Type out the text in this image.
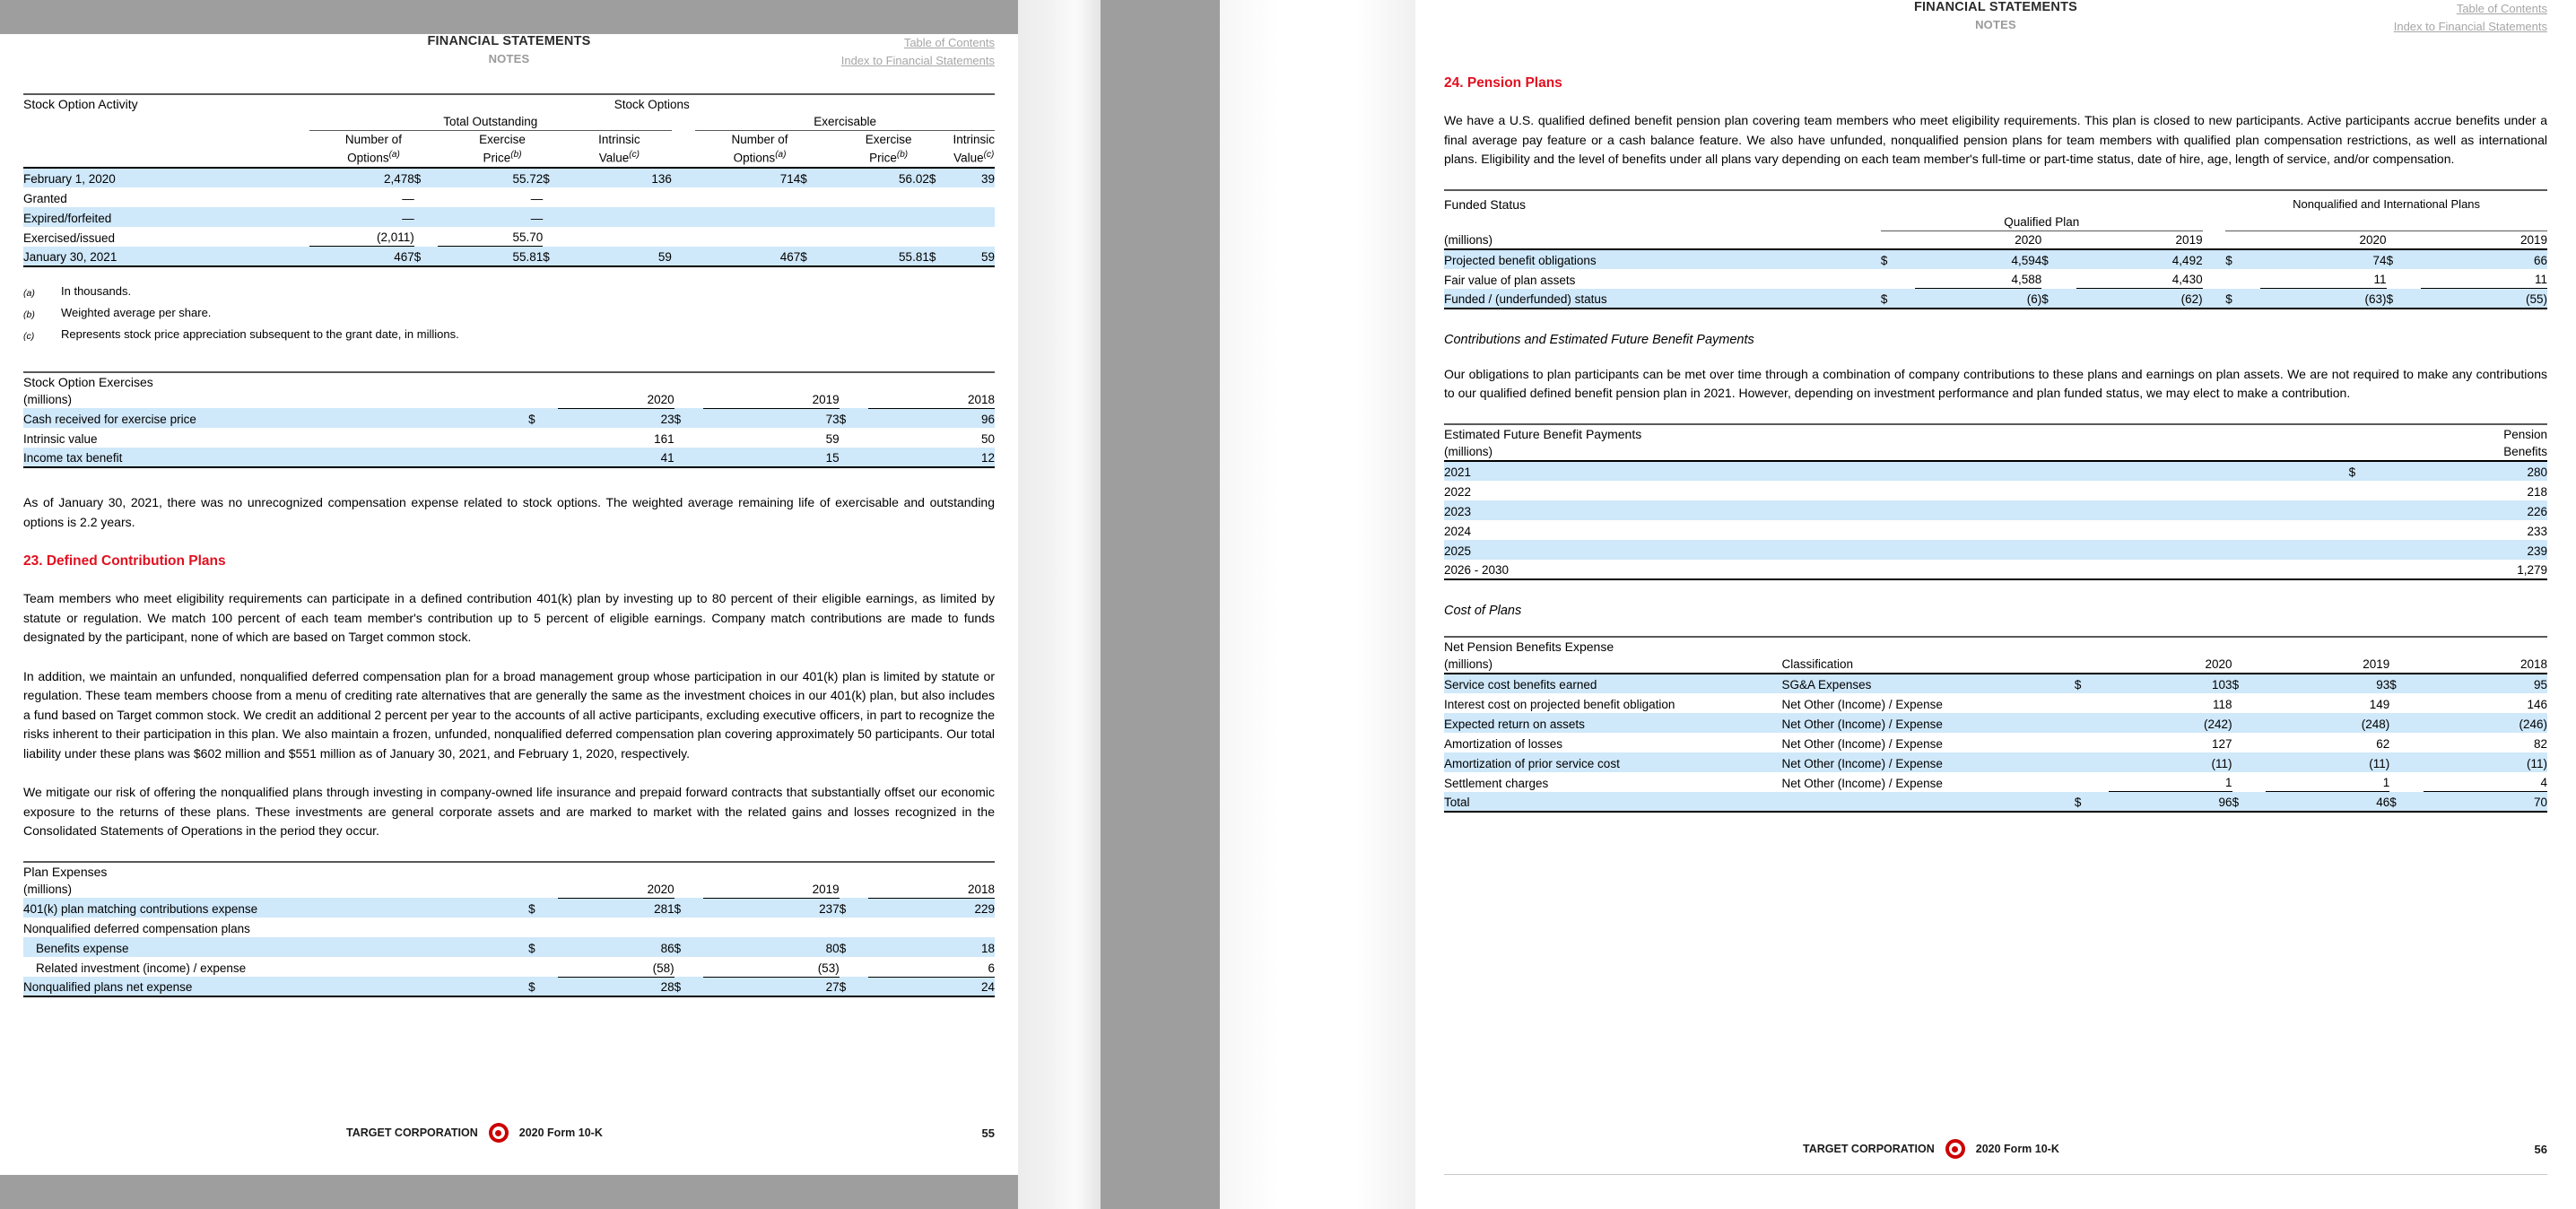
FINANCIAL STATEMENTS
NOTES
Table of Contents
Index to Financial Statements
Stock Option Activity		Stock Options										
		Total Outstanding						Exercisable				
		Number of		Exercise		Intrinsic		Number of		Exercise		Intrinsic
		Options$^{(a)}$		Price$^{(b)}$		Value$^{(c)}$		Options$^{(a)}$		Price$^{(b)}$		Value$^{(c)}$
February 1, 2020		2,478	$	55.72	$	136		714	$	56.02	$	39
Granted		—		—								
Expired/forfeited		—		—								
Exercised/issued		(2,011)		55.70								
January 30, 2021		467	$	55.81	$	59		467	$	55.81	$	59
(a)	In thousands.
(b)	Weighted average per share.
(c)	Represents stock price appreciation subsequent to the grant date, in millions.
Stock Option Exercises							
(millions)			2020		2019		2018
Cash received for exercise price		$	23	$	73	$	96
Intrinsic value			161		59		50
Income tax benefit			41		15		12

As of January 30, 2021, there was no unrecognized compensation expense related to stock options. The weighted average remaining life of exercisable and outstanding options is 2.2 years.

23. Defined Contribution Plans

Team members who meet eligibility requirements can participate in a defined contribution 401(k) plan by investing up to 80 percent of their eligible earnings, as limited by statute or regulation. We match 100 percent of each team member's contribution up to 5 percent of eligible earnings. Company match contributions are made to funds designated by the participant, none of which are based on Target common stock.

In addition, we maintain an unfunded, nonqualified deferred compensation plan for a broad management group whose participation in our 401(k) plan is limited by statute or regulation. These team members choose from a menu of crediting rate alternatives that are generally the same as the investment choices in our 401(k) plan, but also includes a fund based on Target common stock. We credit an additional 2 percent per year to the accounts of all active participants, excluding executive officers, in part to recognize the risks inherent to their participation in this plan. We also maintain a frozen, unfunded, nonqualified deferred compensation plan covering approximately 50 participants. Our total liability under these plans was $602 million and $551 million as of January 30, 2021, and February 1, 2020, respectively.

We mitigate our risk of offering the nonqualified plans through investing in company-owned life insurance and prepaid forward contracts that substantially offset our economic exposure to the returns of these plans. These investments are general corporate assets and are marked to market with the related gains and losses recognized in the Consolidated Statements of Operations in the period they occur.

Plan Expenses							
(millions)			2020		2019		2018
401(k) plan matching contributions expense		$	281	$	237	$	229
Nonqualified deferred compensation plans							
Benefits expense		$	86	$	80	$	18
Related investment (income) / expense			(58)		(53)		6
Nonqualified plans net expense		$	28	$	27	$	24
TARGET CORPORATION	2020 Form 10-K	55
FINANCIAL STATEMENTS
NOTES
Table of Contents
Index to Financial Statements
24. Pension Plans

We have a U.S. qualified defined benefit pension plan covering team members who meet eligibility requirements. This plan is closed to new participants. Active participants accrue benefits under a final average pay feature or a cash balance feature. We also have unfunded, nonqualified pension plans for team members with qualified plan compensation restrictions, as well as international plans. Eligibility and the level of benefits under all plans vary depending on each team member's full-time or part-time status, date of hire, age, length of service, and/or compensation.

Funded Status							Nonqualified and International Plans			
		Qualified Plan								
(millions)			2020		2019			2020		2019
Projected benefit obligations		$	4,594	$	4,492		$	74	$	66
Fair value of plan assets			4,588		4,430			11		11
Funded / (underfunded) status		$	(6)	$	(62)		$	(63)	$	(55)
Contributions and Estimated Future Benefit Payments

Our obligations to plan participants can be met over time through a combination of company contributions to these plans and earnings on plan assets. We are not required to make any contributions to our qualified defined benefit pension plan in 2021. However, depending on investment performance and plan funded status, we may elect to make a contribution.

Estimated Future Benefit Payments				Pension
(millions)				Benefits
2021			$	280
2022				218
2023				226
2024				233
2025				239
2026 - 2030				1,279
Cost of Plans
Net Pension Benefits Expense							
(millions)	Classification		2020		2019		2018
Service cost benefits earned	SG&A Expenses	$	103	$	93	$	95
Interest cost on projected benefit obligation	Net Other (Income) / Expense		118		149		146
Expected return on assets	Net Other (Income) / Expense		(242)		(248)		(246)
Amortization of losses	Net Other (Income) / Expense		127		62		82
Amortization of prior service cost	Net Other (Income) / Expense		(11)		(11)		(11)
Settlement charges	Net Other (Income) / Expense		1		1		4
Total		$	96	$	46	$	70
TARGET CORPORATION	2020 Form 10-K	56
